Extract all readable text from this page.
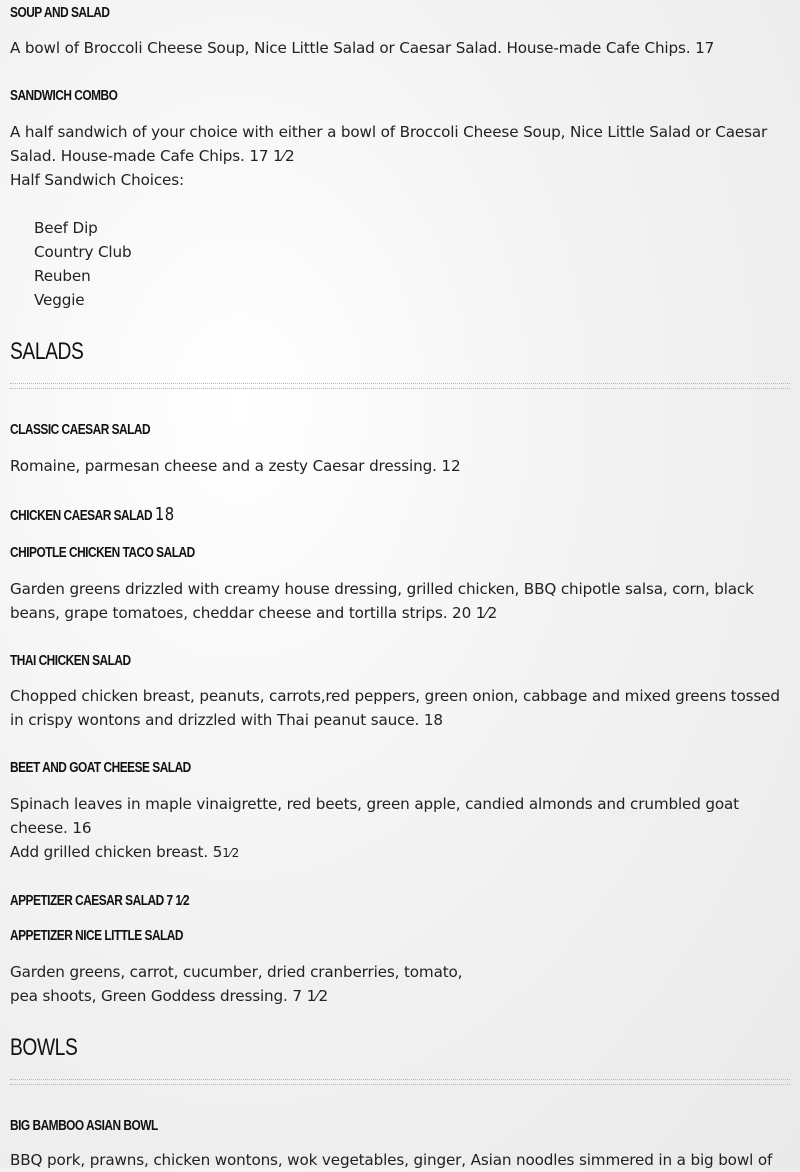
SOUP AND SALAD
A bowl of Broccoli Cheese Soup, Nice Little Salad or Caesar Salad. House-made Cafe Chips. 17
SANDWICH COMBO
A half sandwich of your choice with either a bowl of Broccoli Cheese Soup, Nice Little Salad or Caesar
Salad. House-made Cafe Chips. 17 1⁄2
Half Sandwich Choices:
Beef Dip
Country Club
Reuben
Veggie
SALADS
CLASSIC CAESAR SALAD
Romaine, parmesan cheese and a zesty Caesar dressing. 12
CHICKEN CAESAR SALAD 18
CHIPOTLE CHICKEN TACO SALAD
Garden greens drizzled with creamy house dressing, grilled chicken, BBQ chipotle salsa, corn, black
beans, grape tomatoes, cheddar cheese and tortilla strips. 20 1⁄2
THAI CHICKEN SALAD
Chopped chicken breast, peanuts, carrots,red peppers, green onion, cabbage and mixed greens tossed
in crispy wontons and drizzled with Thai peanut sauce. 18
BEET AND GOAT CHEESE SALAD
Spinach leaves in maple vinaigrette, red beets, green apple, candied almonds and crumbled goat
cheese. 16
Add grilled chicken breast. 51⁄2
APPETIZER CAESAR SALAD 7 1⁄2
APPETIZER NICE LITTLE SALAD
Garden greens, carrot, cucumber, dried cranberries, tomato,
pea shoots, Green Goddess dressing. 7 1⁄2
BOWLS
BIG BAMBOO ASIAN BOWL
BBQ pork, prawns, chicken wontons, wok vegetables, ginger, Asian noodles simmered in a big bowl of
